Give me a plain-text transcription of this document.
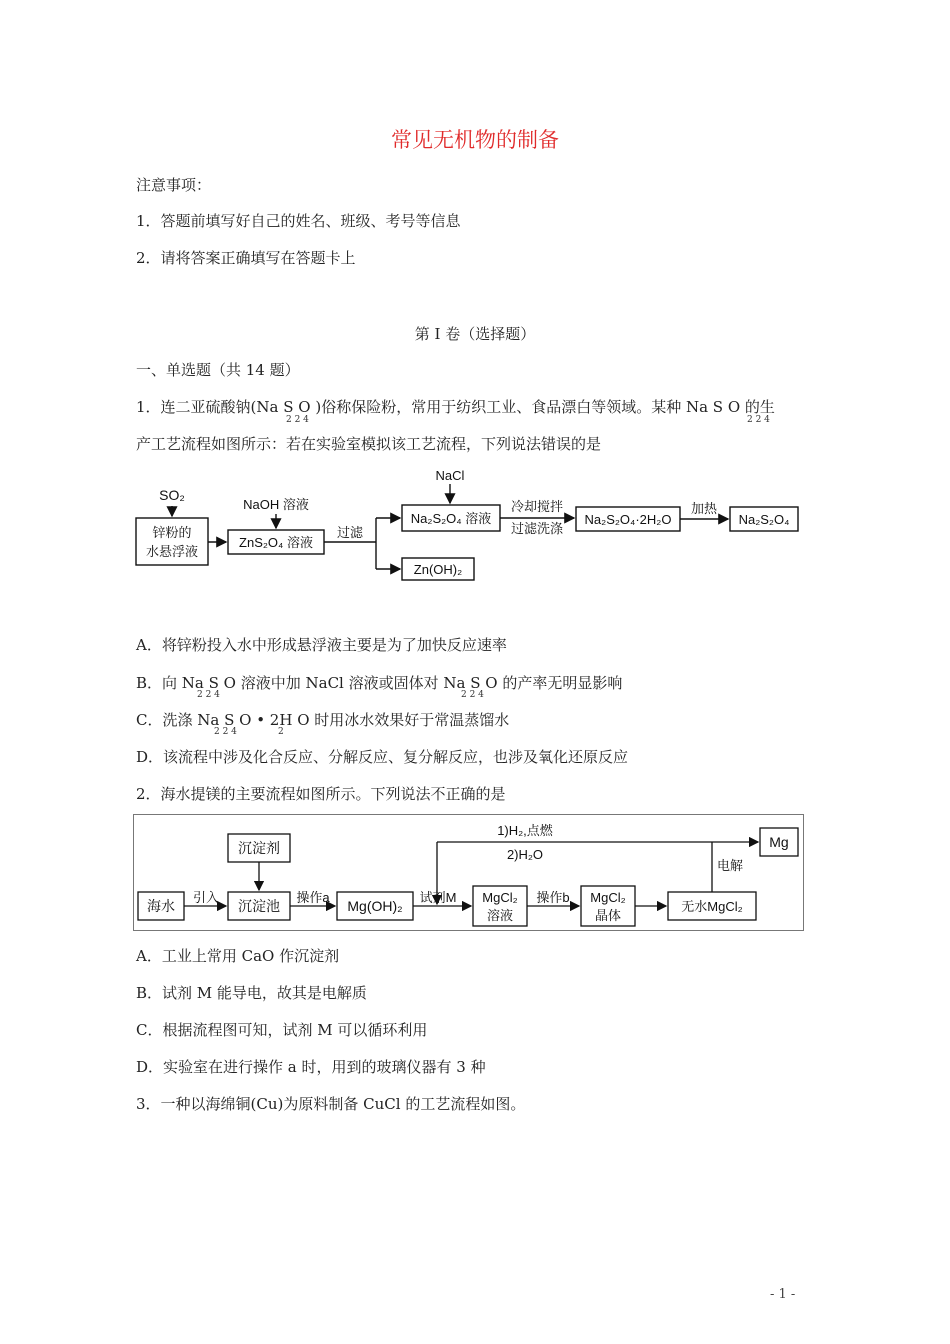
常见无机物的制备
注意事项：
1．答题前填写好自己的姓名、班级、考号等信息
2．请将答案正确填写在答题卡上
第 I 卷（选择题）
一、单选题（共 14 题）
1．连二亚硫酸钠(Na S O )俗称保险粉，常用于纺织工业、食品漂白等领域。某种 Na S O 的生
2 2 4	2 2 4
产工艺流程如图所示：若在实验室模拟该工艺流程，下列说法错误的是
SO₂
锌粉的
水悬浮液
NaOH 溶液
ZnS₂O₄ 溶液
过滤
NaCl
Na₂S₂O₄ 溶液
冷却搅拌
过滤洗涤
Na₂S₂O₄·2H₂O
加热
Na₂S₂O₄
Zn(OH)₂
A．将锌粉投入水中形成悬浮液主要是为了加快反应速率
B．向 Na S O 溶液中加 NaCl 溶液或固体对 Na S O 的产率无明显影响
2 2 4	2 2 4
C．洗涤 Na S O • 2H O 时用冰水效果好于常温蒸馏水
2 2 4	2
D．该流程中涉及化合反应、分解反应、复分解反应，也涉及氧化还原反应
2．海水提镁的主要流程如图所示。下列说法不正确的是
海水
引入
沉淀剂
沉淀池
操作a
Mg(OH)₂
试剂M MgCl₂
溶液
操作b MgCl₂
晶体
无水MgCl₂
电解
Mg
1)H₂,点燃
2)H₂O
A．工业上常用 CaO 作沉淀剂
B．试剂 M 能导电，故其是电解质
C．根据流程图可知，试剂 M 可以循环利用
D．实验室在进行操作 a 时，用到的玻璃仪器有 3 种
3．一种以海绵铜(Cu)为原料制备 CuCl 的工艺流程如图。
- 1 -
